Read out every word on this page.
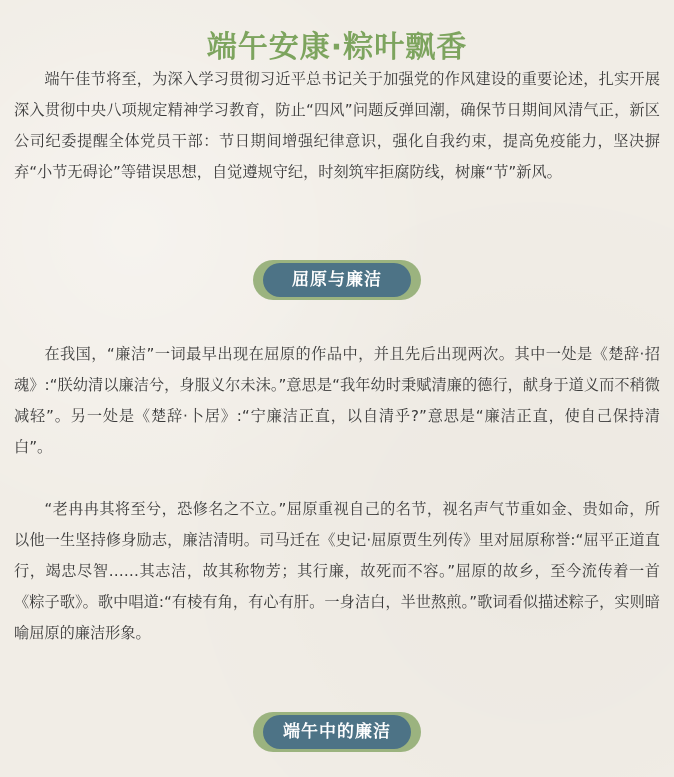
端午安康·粽叶飘香

端午佳节将至，为深入学习贯彻习近平总书记关于加强党的作风建设的重要论述，扎实开展深入贯彻中央八项规定精神学习教育，防止“四风”问题反弹回潮，确保节日期间风清气正，新区公司纪委提醒全体党员干部：节日期间增强纪律意识，强化自我约束，提高免疫能力，坚决摒弃“小节无碍论”等错误思想，自觉遵规守纪，时刻筑牢拒腐防线，树廉“节”新风。

屈原与廉洁

在我国，“廉洁”一词最早出现在屈原的作品中，并且先后出现两次。其中一处是《楚辞·招魂》:“朕幼清以廉洁兮，身服义尔未沫。”意思是“我年幼时秉赋清廉的德行，献身于道义而不稍微减轻”。另一处是《楚辞·卜居》:“宁廉洁正直，以自清乎?”意思是“廉洁正直，使自己保持清白”。

“老冉冉其将至兮，恐修名之不立。”屈原重视自己的名节，视名声气节重如金、贵如命，所以他一生坚持修身励志，廉洁清明。司马迁在《史记·屈原贾生列传》里对屈原称誉:“屈平正道直行，竭忠尽智……其志洁，故其称物芳；其行廉，故死而不容。”屈原的故乡，至今流传着一首《粽子歌》。歌中唱道:“有棱有角，有心有肝。一身洁白，半世熬煎。”歌词看似描述粽子，实则暗喻屈原的廉洁形象。

端午中的廉洁
